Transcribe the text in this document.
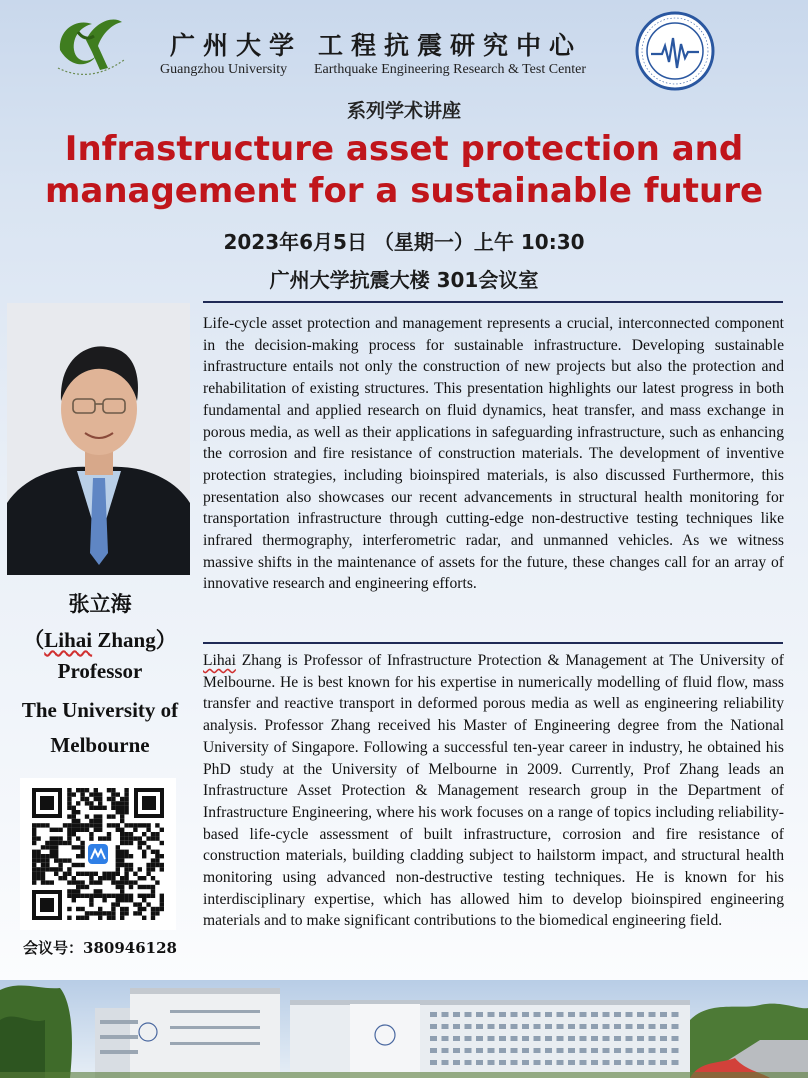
广州大学
Guangzhou University
工程抗震研究中心
Earthquake Engineering Research & Test Center
系列学术讲座
Infrastructure asset protection and
management for a sustainable future
2023年6月5日 （星期一）上午 10:30
广州大学抗震大楼 301会议室
张立海
（Lihai Zhang）
Professor
The University of
Melbourne
会议号：380946128

Life-cycle asset protection and management represents a crucial, interconnected component in the decision-making process for sustainable infrastructure. Developing sustainable infrastructure entails not only the construction of new projects but also the protection and rehabilitation of existing structures. This presentation highlights our latest progress in both fundamental and applied research on fluid dynamics, heat transfer, and mass exchange in porous media, as well as their applications in safeguarding infrastructure, such as enhancing the corrosion and fire resistance of construction materials. The development of inventive protection strategies, including bioinspired materials, is also discussed Furthermore, this presentation also showcases our recent advancements in structural health monitoring for transportation infrastructure through cutting-edge non-destructive testing techniques like infrared thermography, interferometric radar, and unmanned vehicles. As we witness massive shifts in the maintenance of assets for the future, these changes call for an array of innovative research and engineering efforts.

Lihai Zhang is Professor of Infrastructure Protection & Management at The University of Melbourne. He is best known for his expertise in numerically modelling of fluid flow, mass transfer and reactive transport in deformed porous media as well as engineering reliability analysis. Professor Zhang received his Master of Engineering degree from the National University of Singapore. Following a successful ten-year career in industry, he obtained his PhD study at the University of Melbourne in 2009. Currently, Prof Zhang leads an Infrastructure Asset Protection & Management research group in the Department of Infrastructure Engineering, where his work focuses on a range of topics including reliability-based life-cycle assessment of built infrastructure, corrosion and fire resistance of construction materials, building cladding subject to hailstorm impact, and structural health monitoring using advanced non-destructive testing techniques. He is known for his interdisciplinary expertise, which has allowed him to develop bioinspired engineering materials and to make significant contributions to the biomedical engineering field.
